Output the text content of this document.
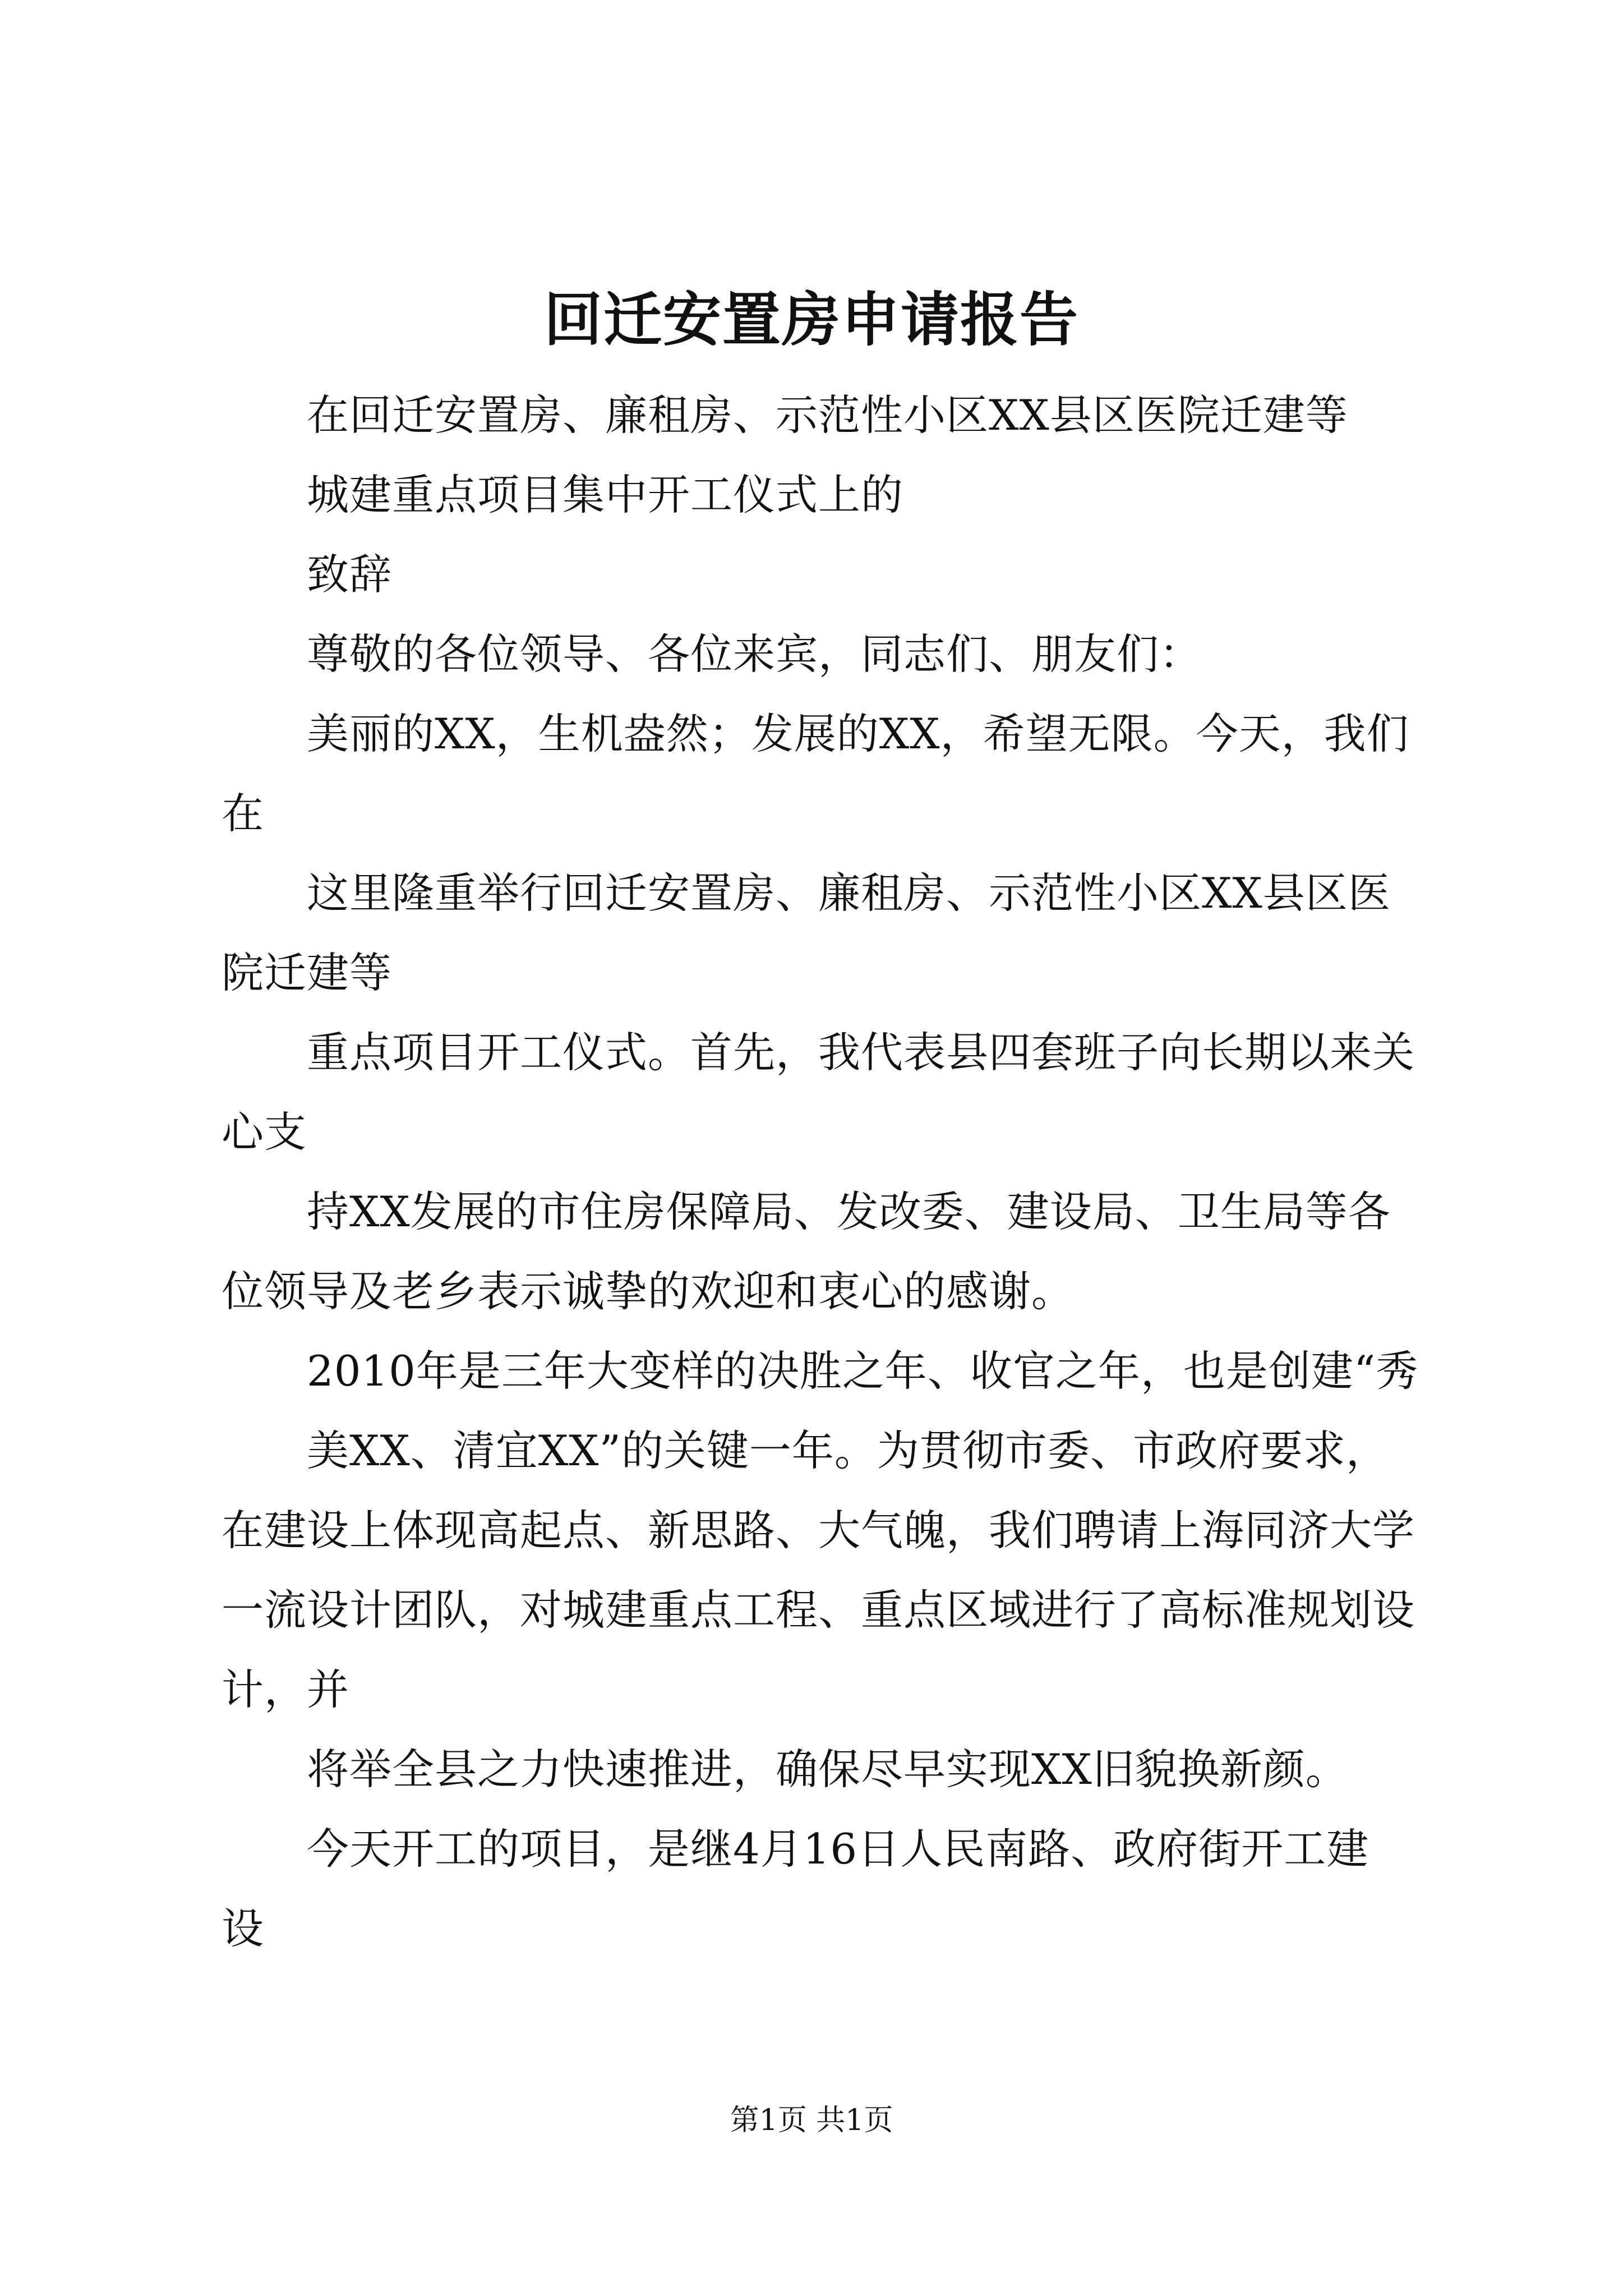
回迁安置房申请报告
在回迁安置房、廉租房、示范性小区XX县区医院迁建等
城建重点项目集中开工仪式上的
致辞
尊敬的各位领导、各位来宾，同志们、朋友们：
美丽的XX，生机盎然；发展的XX，希望无限。今天，我们
在
这里隆重举行回迁安置房、廉租房、示范性小区XX县区医
院迁建等
重点项目开工仪式。首先，我代表县四套班子向长期以来关
心支
持XX发展的市住房保障局、发改委、建设局、卫生局等各
位领导及老乡表示诚挚的欢迎和衷心的感谢。
2010年是三年大变样的决胜之年、收官之年，也是创建“秀
美XX、清宜XX”的关键一年。为贯彻市委、市政府要求，
在建设上体现高起点、新思路、大气魄，我们聘请上海同济大学
一流设计团队，对城建重点工程、重点区域进行了高标准规划设
计，并
将举全县之力快速推进，确保尽早实现XX旧貌换新颜。
今天开工的项目，是继4月16日人民南路、政府街开工建
设
第1页 共1页
